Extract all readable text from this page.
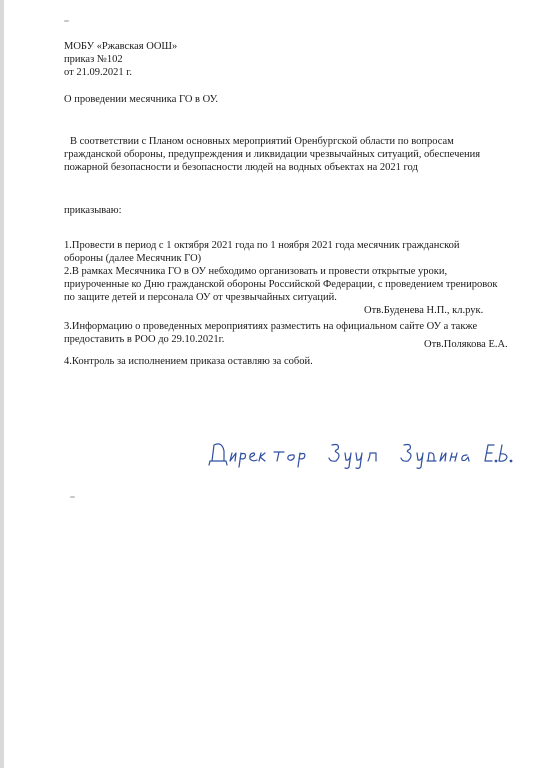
МОБУ «Ржавская ООШ»
приказ №102
от 21.09.2021 г.
О проведении месячника ГО в ОУ.
В соответствии с Планом основных мероприятий Оренбургской области по вопросам
гражданской обороны, предупреждения и ликвидации чрезвычайных ситуаций, обеспечения
пожарной безопасности и безопасности людей на водных объектах на 2021 год
приказываю:
1.Провести в период с 1 октября 2021 года по 1 ноября 2021 года месячник гражданской
обороны (далее Месячник ГО)
2.В рамках Месячника ГО в ОУ небходимо организовать и провести открытые уроки,
приуроченные ко Дню гражданской обороны Российской Федерации, с проведением тренировок
по защите детей и персонала ОУ от чрезвычайных ситуаций.
Отв.Буденева Н.П., кл.рук.
3.Информацию о проведенных мероприятиях разместить на официальном сайте ОУ а также
предоставить в РОО до 29.10.2021г.	Отв.Полякова Е.А.
4.Контроль за исполнением приказа оставляю за собой.
